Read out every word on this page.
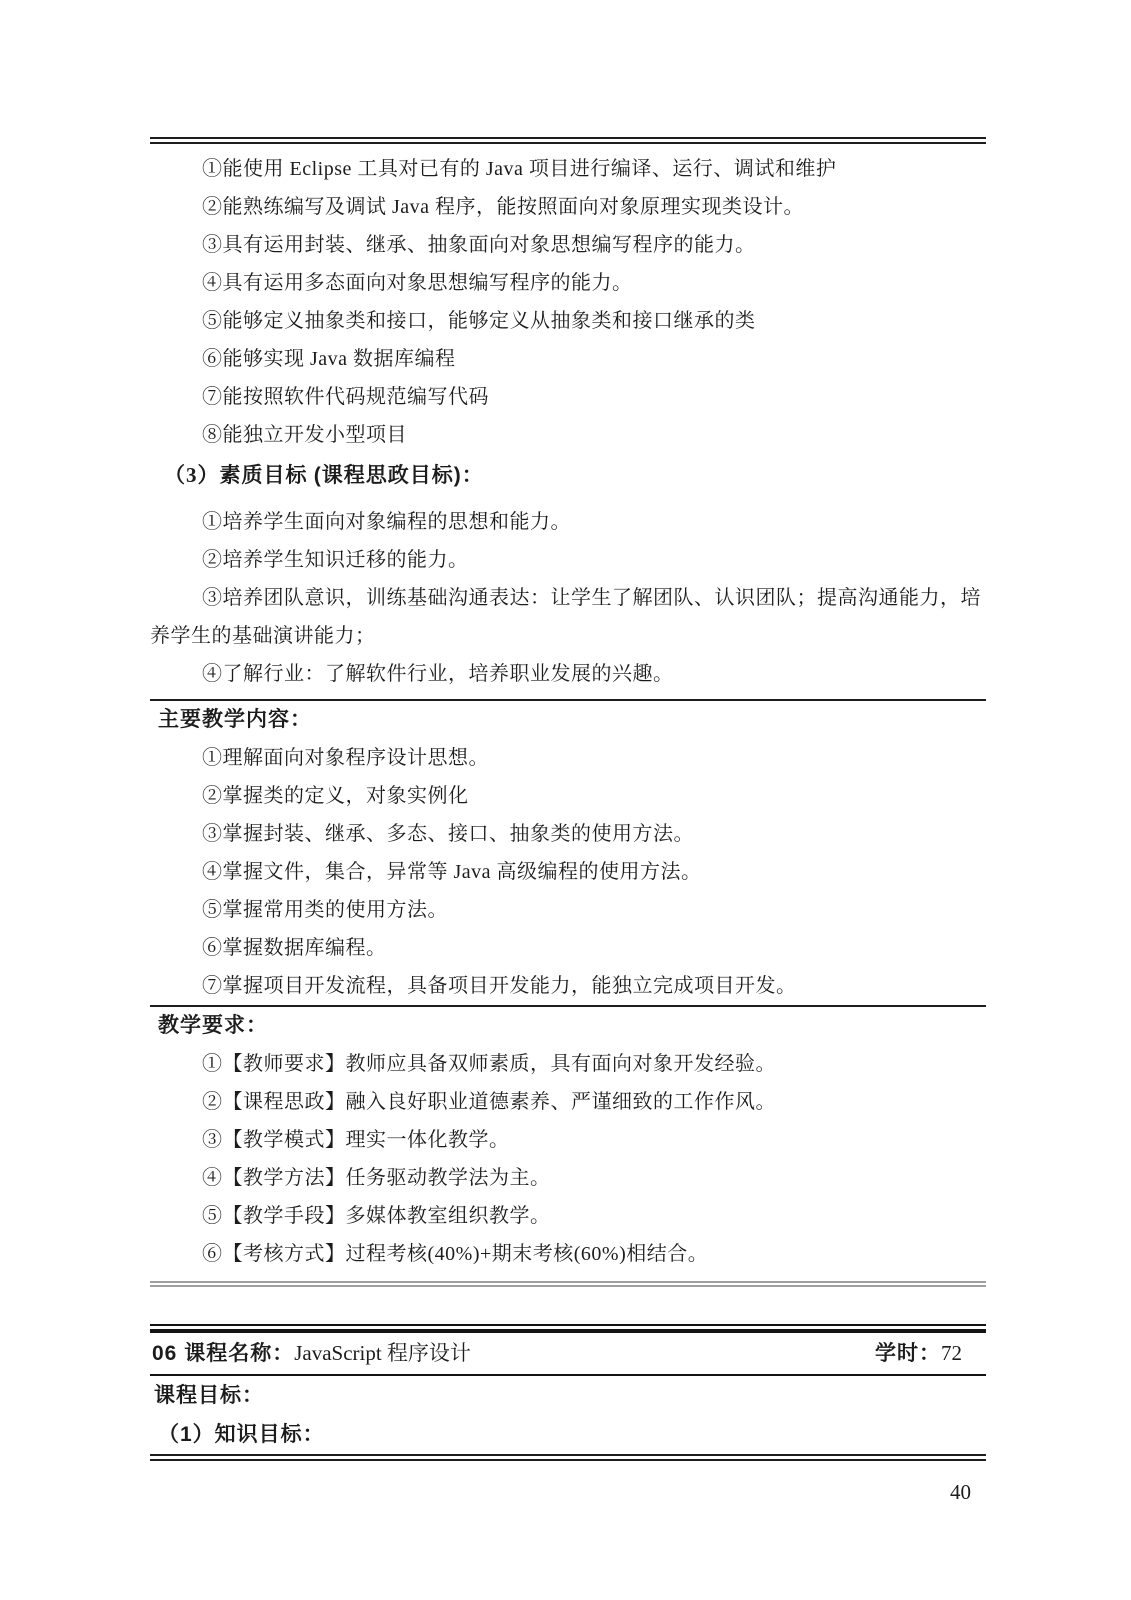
①能使用 Eclipse 工具对已有的 Java 项目进行编译、运行、调试和维护

②能熟练编写及调试 Java 程序，能按照面向对象原理实现类设计。

③具有运用封装、继承、抽象面向对象思想编写程序的能力。

④具有运用多态面向对象思想编写程序的能力。

⑤能够定义抽象类和接口，能够定义从抽象类和接口继承的类

⑥能够实现 Java 数据库编程

⑦能按照软件代码规范编写代码

⑧能独立开发小型项目

（3）素质目标 (课程思政目标)：

①培养学生面向对象编程的思想和能力。

②培养学生知识迁移的能力。

③培养团队意识，训练基础沟通表达：让学生了解团队、认识团队；提高沟通能力，培养学生的基础演讲能力；

④了解行业：了解软件行业，培养职业发展的兴趣。

主要教学内容：

①理解面向对象程序设计思想。

②掌握类的定义，对象实例化

③掌握封装、继承、多态、接口、抽象类的使用方法。

④掌握文件，集合，异常等 Java 高级编程的使用方法。

⑤掌握常用类的使用方法。

⑥掌握数据库编程。

⑦掌握项目开发流程，具备项目开发能力，能独立完成项目开发。

教学要求：

①【教师要求】教师应具备双师素质，具有面向对象开发经验。

②【课程思政】融入良好职业道德素养、严谨细致的工作作风。

③【教学模式】理实一体化教学。

④【教学方法】任务驱动教学法为主。

⑤【教学手段】多媒体教室组织教学。

⑥【考核方式】过程考核(40%)+期末考核(60%)相结合。

06 课程名称：JavaScript 程序设计	学时：72

课程目标：

（1）知识目标：

40
